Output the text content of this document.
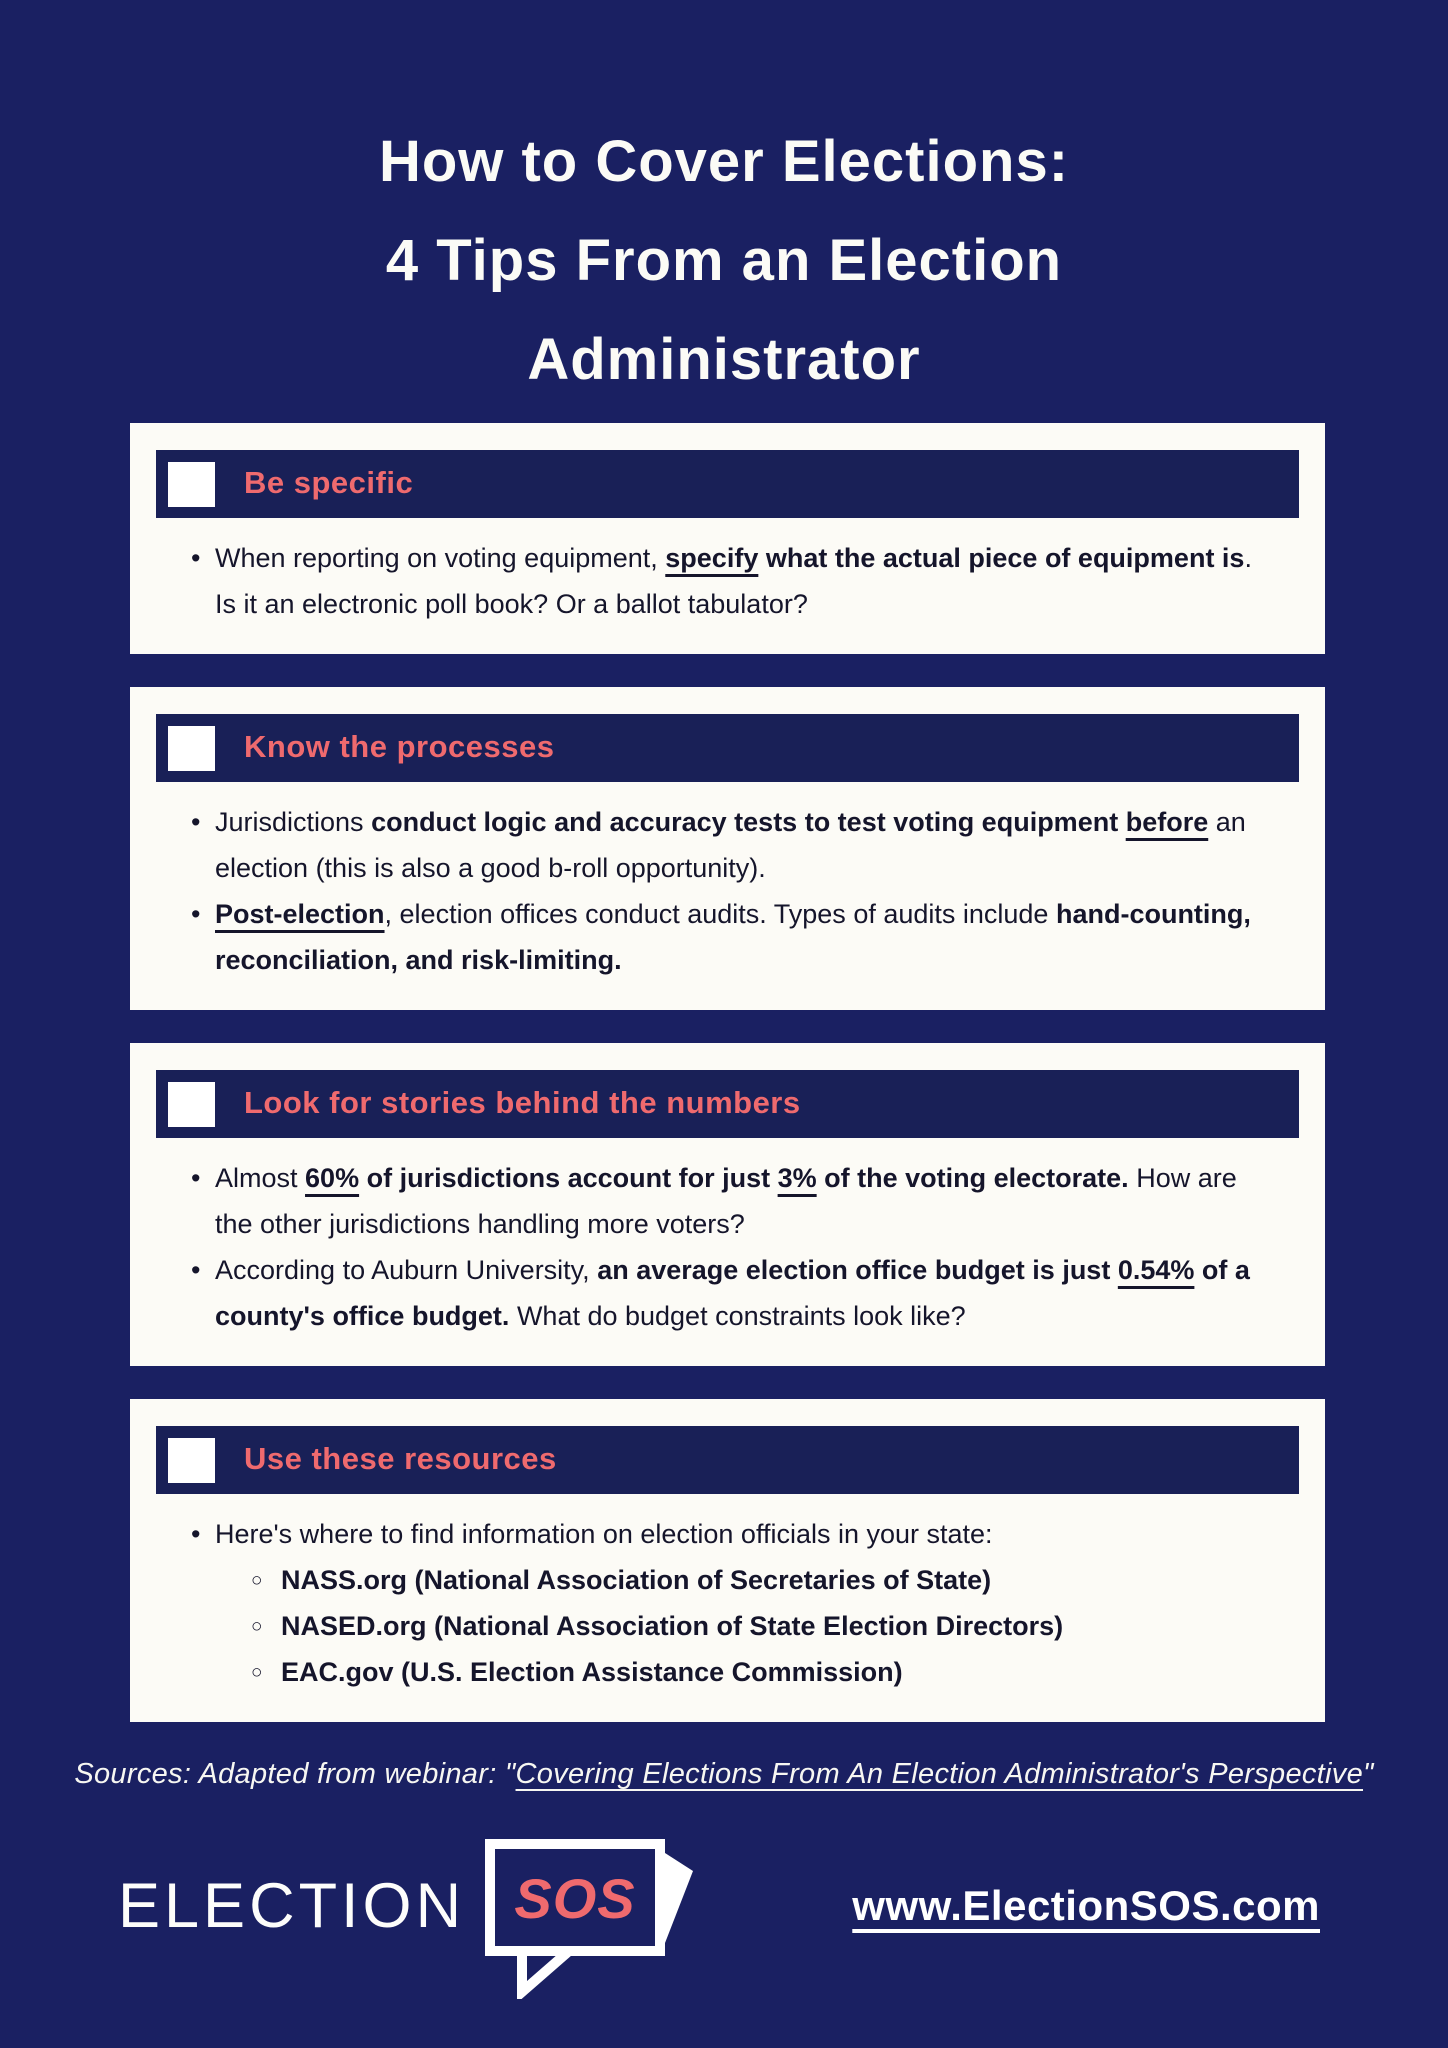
How to Cover Elections:
4 Tips From an Election
Administrator
Be specific
• When reporting on voting equipment, specify what the actual piece of equipment is. Is it an electronic poll book? Or a ballot tabulator?
Know the processes
• Jurisdictions conduct logic and accuracy tests to test voting equipment before an election (this is also a good b-roll opportunity).
• Post-election, election offices conduct audits. Types of audits include hand-counting, reconciliation, and risk-limiting.
Look for stories behind the numbers
• Almost 60% of jurisdictions account for just 3% of the voting electorate. How are the other jurisdictions handling more voters?
• According to Auburn University, an average election office budget is just 0.54% of a county's office budget. What do budget constraints look like?
Use these resources
• Here's where to find information on election officials in your state:
○ NASS.org (National Association of Secretaries of State)
○ NASED.org (National Association of State Election Directors)
○ EAC.gov (U.S. Election Assistance Commission)
Sources: Adapted from webinar: "Covering Elections From An Election Administrator's Perspective"
ELECTION SOS	www.ElectionSOS.com
